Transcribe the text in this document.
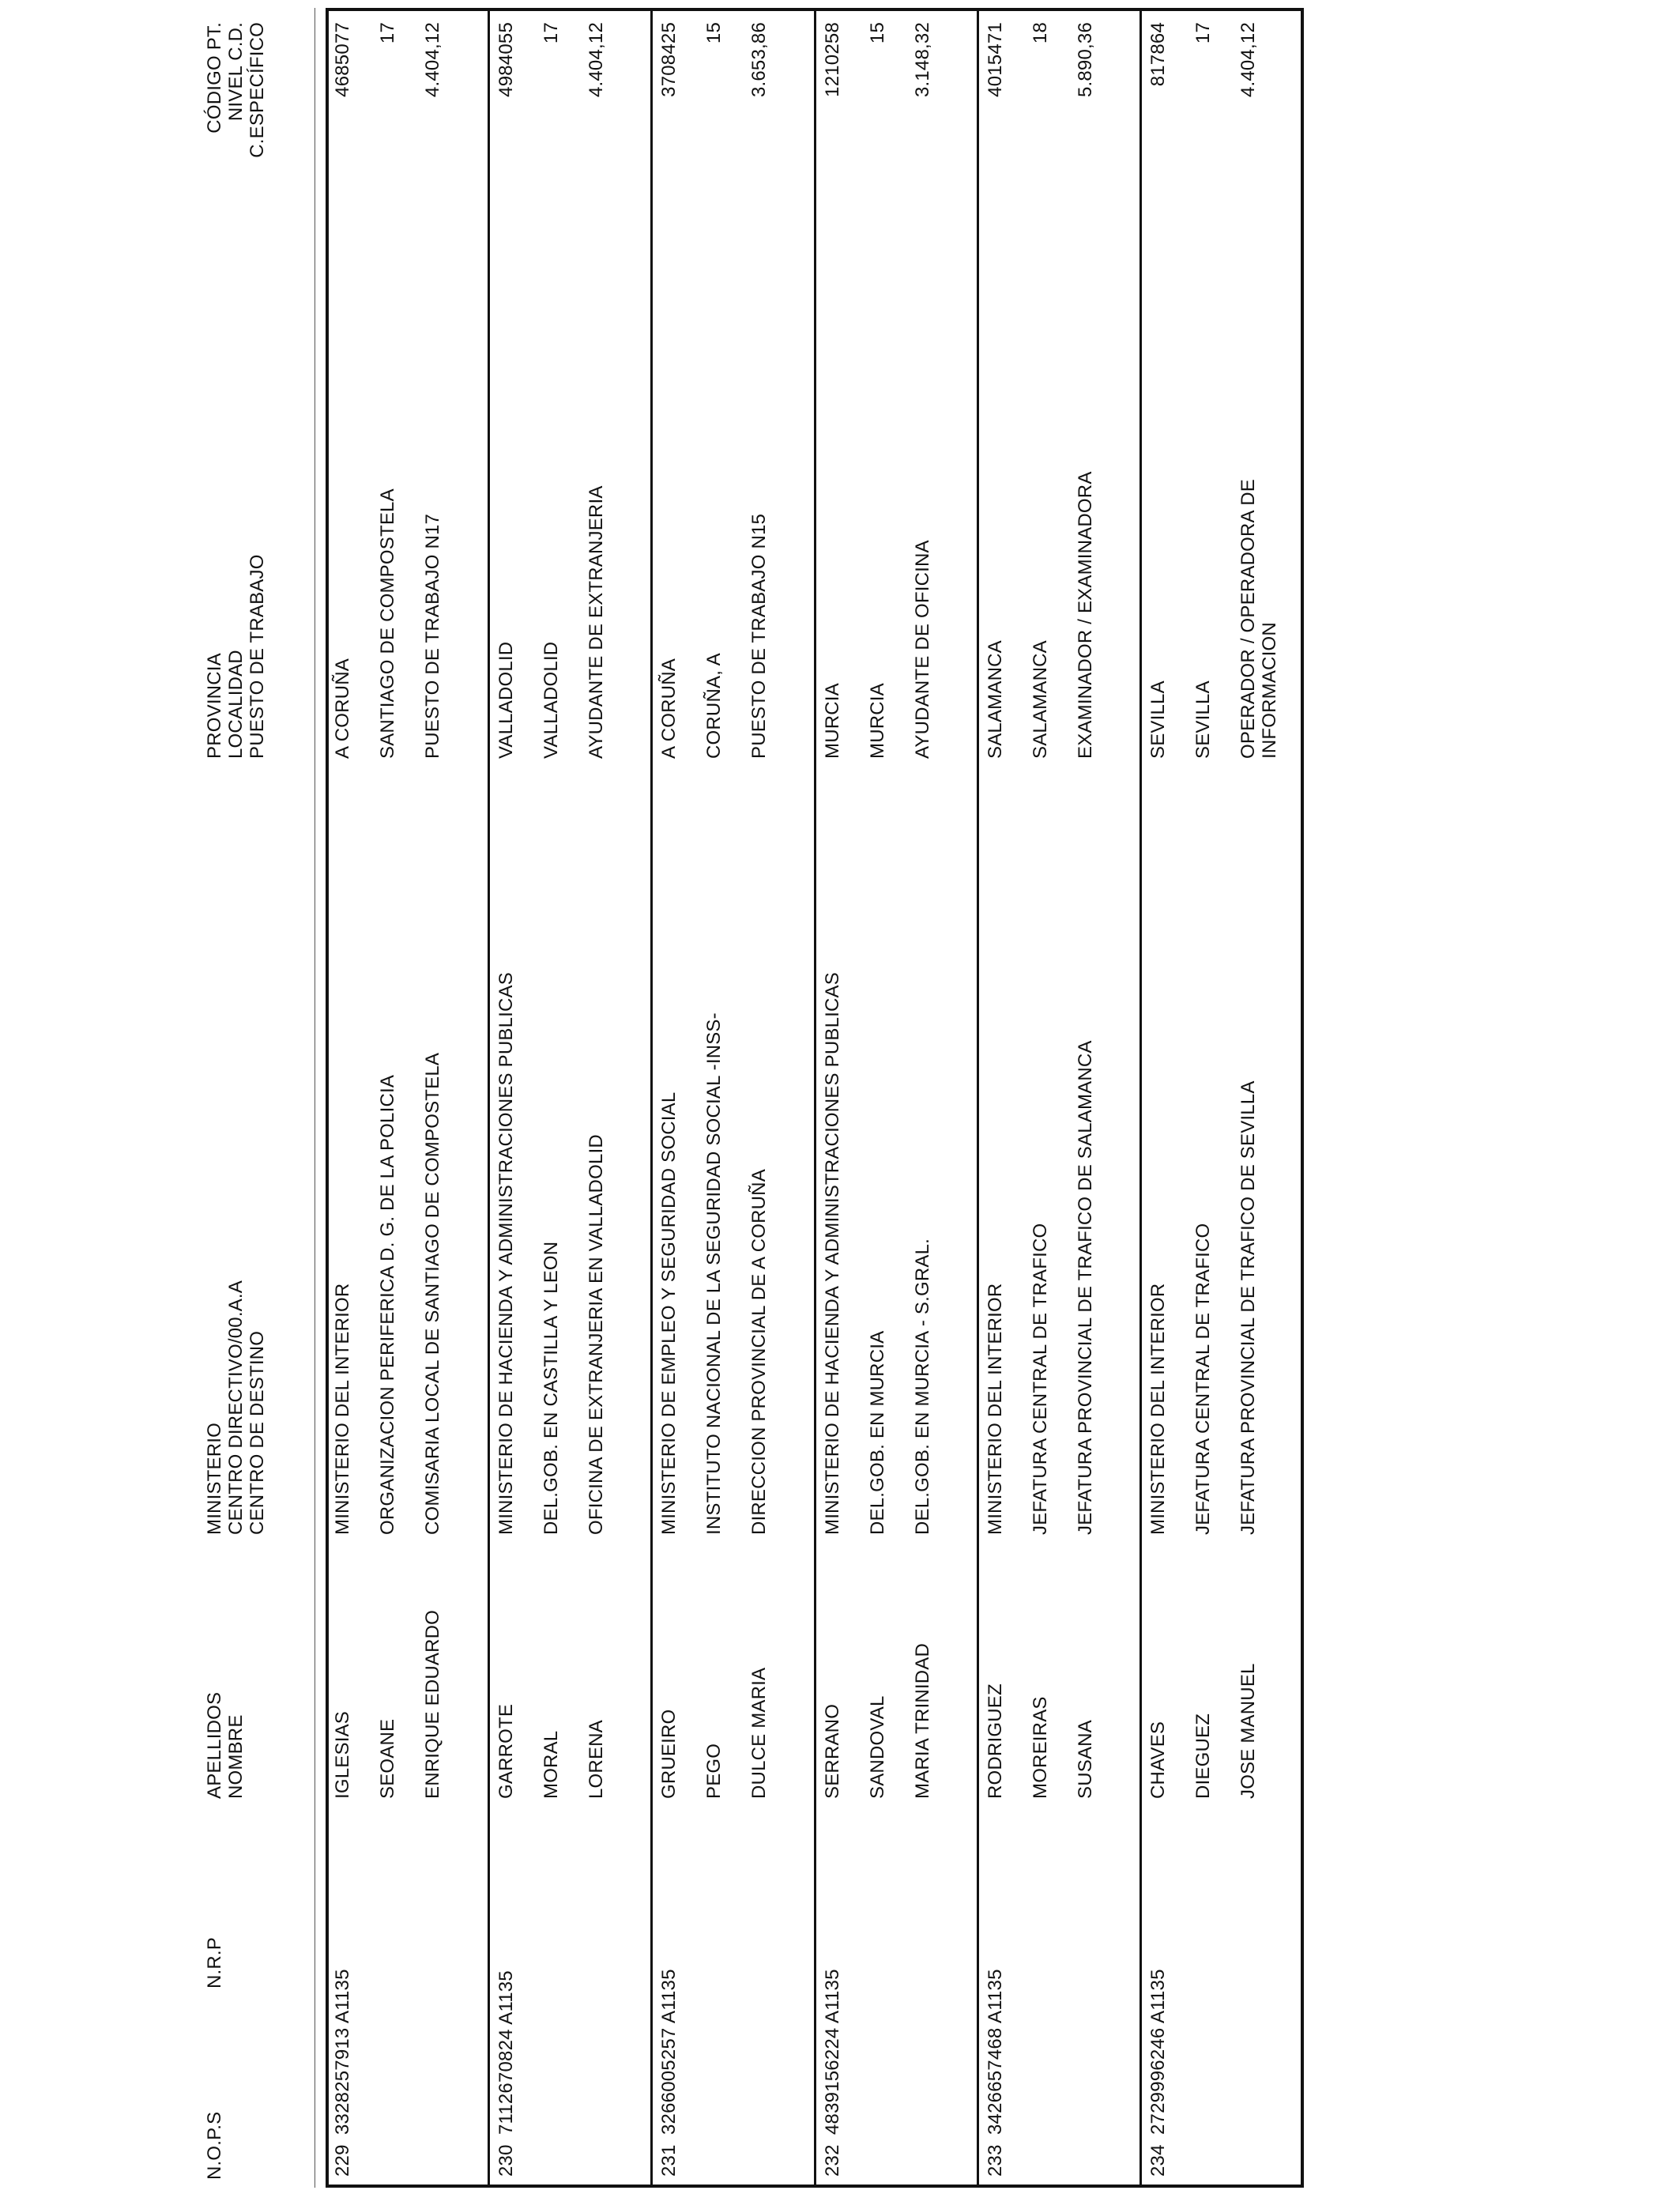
N.O.P.S
N.R.P
APELLIDOS NOMBRE
MINISTERIO CENTRO DIRECTIVO/00.A.A CENTRO DE DESTINO
PROVINCIA LOCALIDAD PUESTO DE TRABAJO
CÓDIGO PT. NIVEL C.D. C.ESPECÍFICO
229
3328257913 A1135
IGLESIAS SEOANE ENRIQUE EDUARDO
MINISTERIO DEL INTERIOR ORGANIZACION PERIFERICA D. G. DE LA POLICIA COMISARIA LOCAL DE SANTIAGO DE COMPOSTELA
A CORUÑA SANTIAGO DE COMPOSTELA PUESTO DE TRABAJO N17
4685077 17 4.404,12
230
7112670824 A1135
GARROTE MORAL LORENA
MINISTERIO DE HACIENDA Y ADMINISTRACIONES PUBLICAS DEL.GOB. EN CASTILLA Y LEON OFICINA DE EXTRANJERIA EN VALLADOLID
VALLADOLID VALLADOLID AYUDANTE DE EXTRANJERIA
4984055 17 4.404,12
231
3266005257 A1135
GRUEIRO PEGO DULCE MARIA
MINISTERIO DE EMPLEO Y SEGURIDAD SOCIAL INSTITUTO NACIONAL DE LA SEGURIDAD SOCIAL -INSS- DIRECCION PROVINCIAL DE A CORUÑA
A CORUÑA CORUÑA, A PUESTO DE TRABAJO N15
3708425 15 3.653,86
232
4839156224 A1135
SERRANO SANDOVAL MARIA TRINIDAD
MINISTERIO DE HACIENDA Y ADMINISTRACIONES PUBLICAS DEL.GOB. EN MURCIA DEL.GOB. EN MURCIA - S.GRAL.
MURCIA MURCIA AYUDANTE DE OFICINA
1210258 15 3.148,32
233
3426657468 A1135
RODRIGUEZ MOREIRAS SUSANA
MINISTERIO DEL INTERIOR JEFATURA CENTRAL DE TRAFICO JEFATURA PROVINCIAL DE TRAFICO DE SALAMANCA
SALAMANCA SALAMANCA EXAMINADOR / EXAMINADORA
4015471 18 5.890,36
234
2729996246 A1135
CHAVES DIEGUEZ JOSE MANUEL
MINISTERIO DEL INTERIOR JEFATURA CENTRAL DE TRAFICO JEFATURA PROVINCIAL DE TRAFICO DE SEVILLA
SEVILLA SEVILLA OPERADOR / OPERADORA DE INFORMACION
817864 17 4.404,12
